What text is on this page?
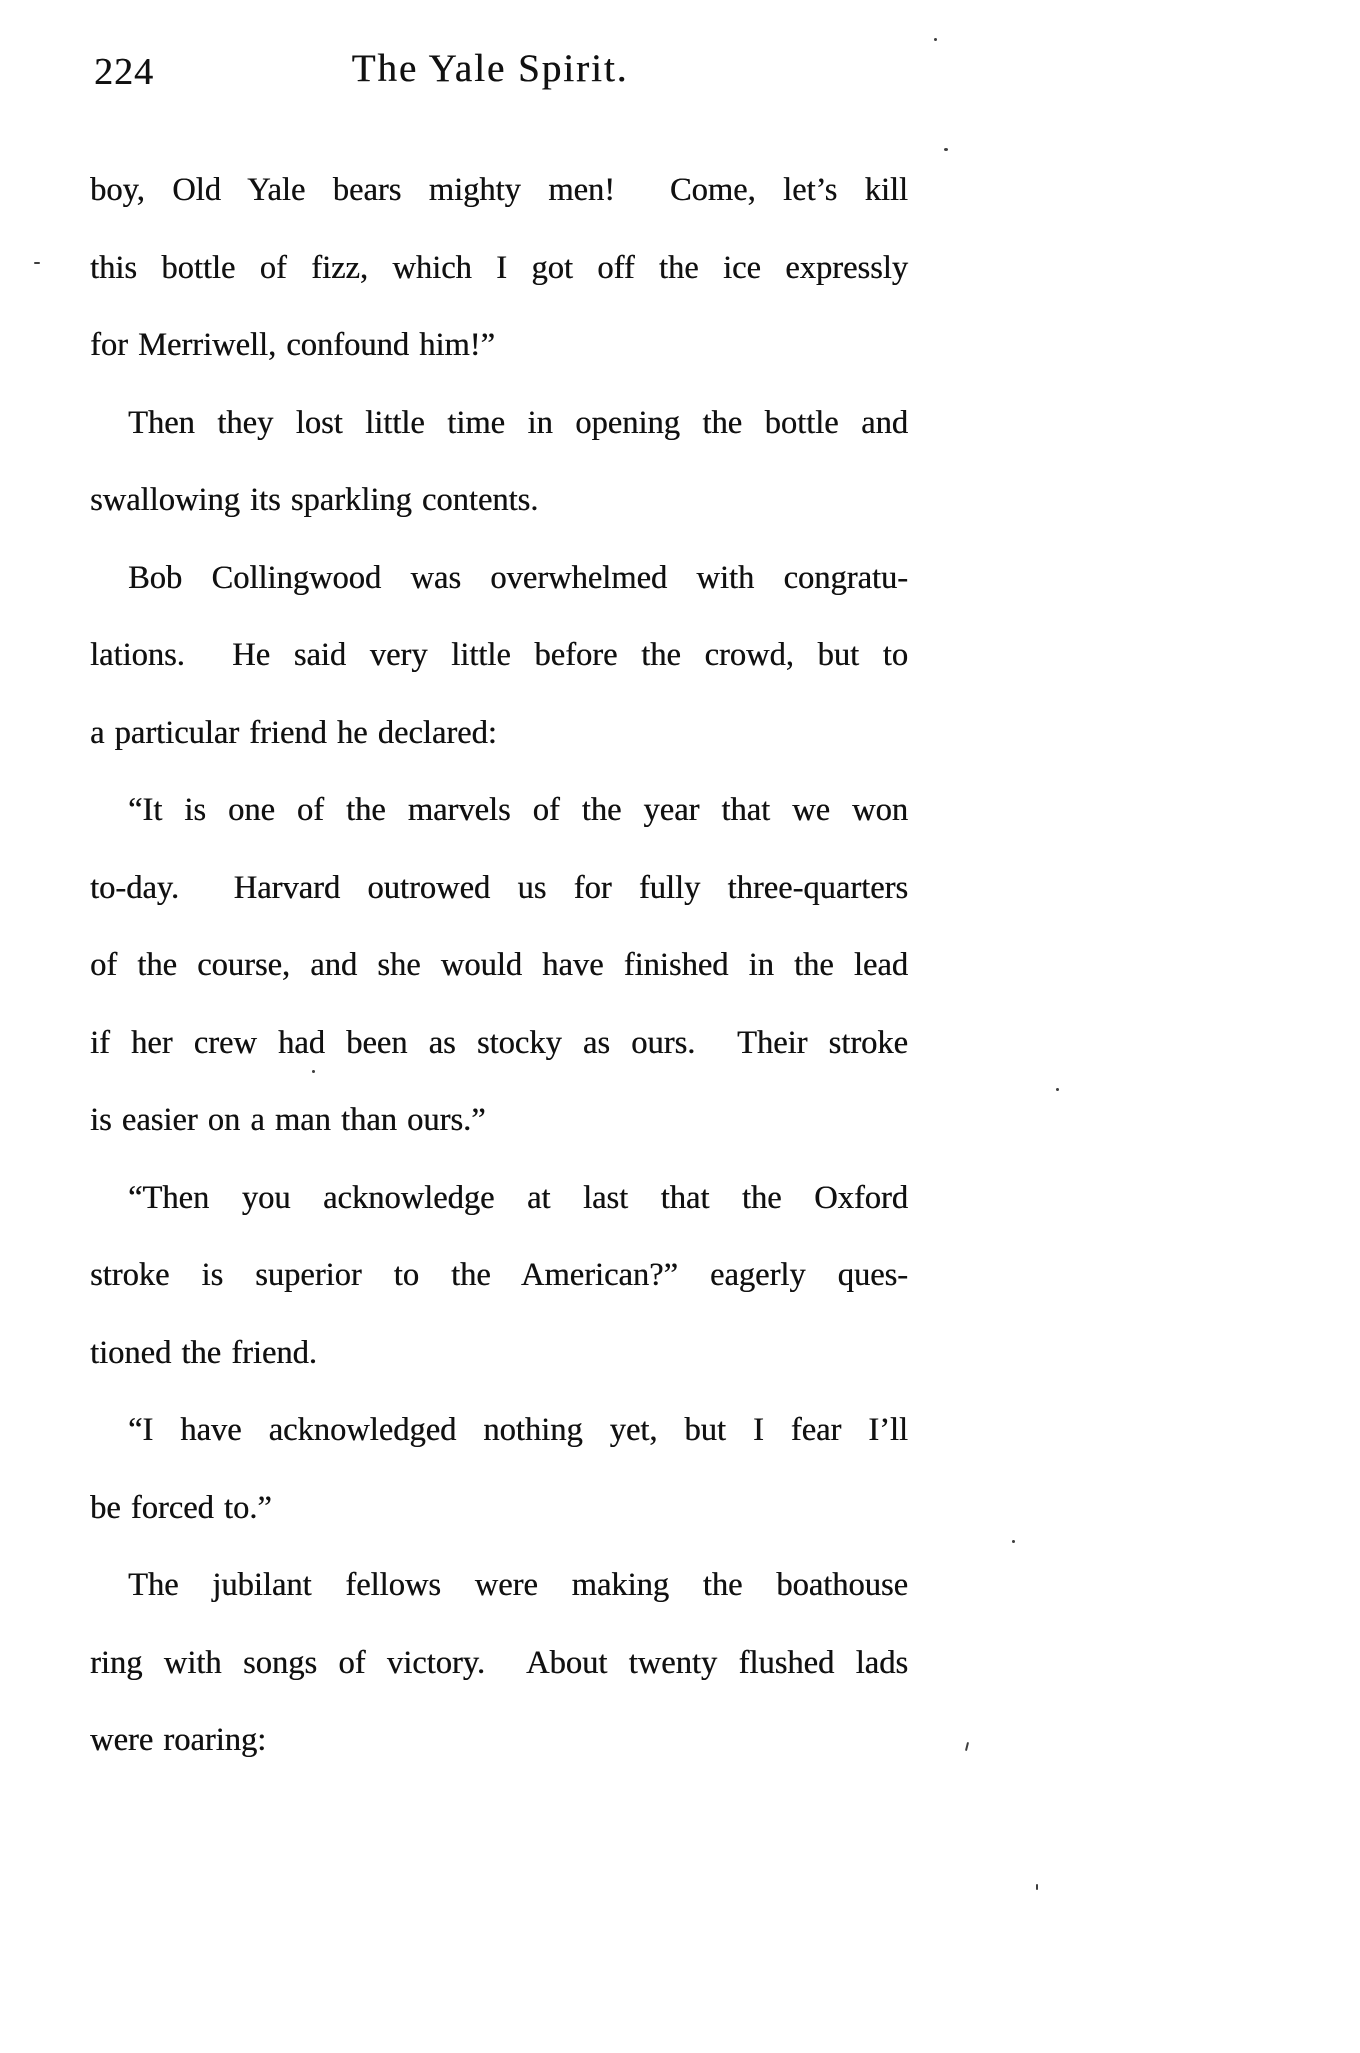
224	The Yale Spirit.
boy, Old Yale bears mighty men!  Come, let’s kill
this bottle of fizz, which I got off the ice expressly
for Merriwell, confound him!”
Then they lost little time in opening the bottle and
swallowing its sparkling contents.
Bob Collingwood was overwhelmed with congratu-
lations.  He said very little before the crowd, but to
a particular friend he declared:
“It is one of the marvels of the year that we won
to-day.  Harvard outrowed us for fully three-quarters
of the course, and she would have finished in the lead
if her crew had been as stocky as ours.  Their stroke
is easier on a man than ours.”
“Then you acknowledge at last that the Oxford
stroke is superior to the American?” eagerly ques-
tioned the friend.
“I have acknowledged nothing yet, but I fear I’ll
be forced to.”
The jubilant fellows were making the boathouse
ring with songs of victory.  About twenty flushed lads
were roaring:
